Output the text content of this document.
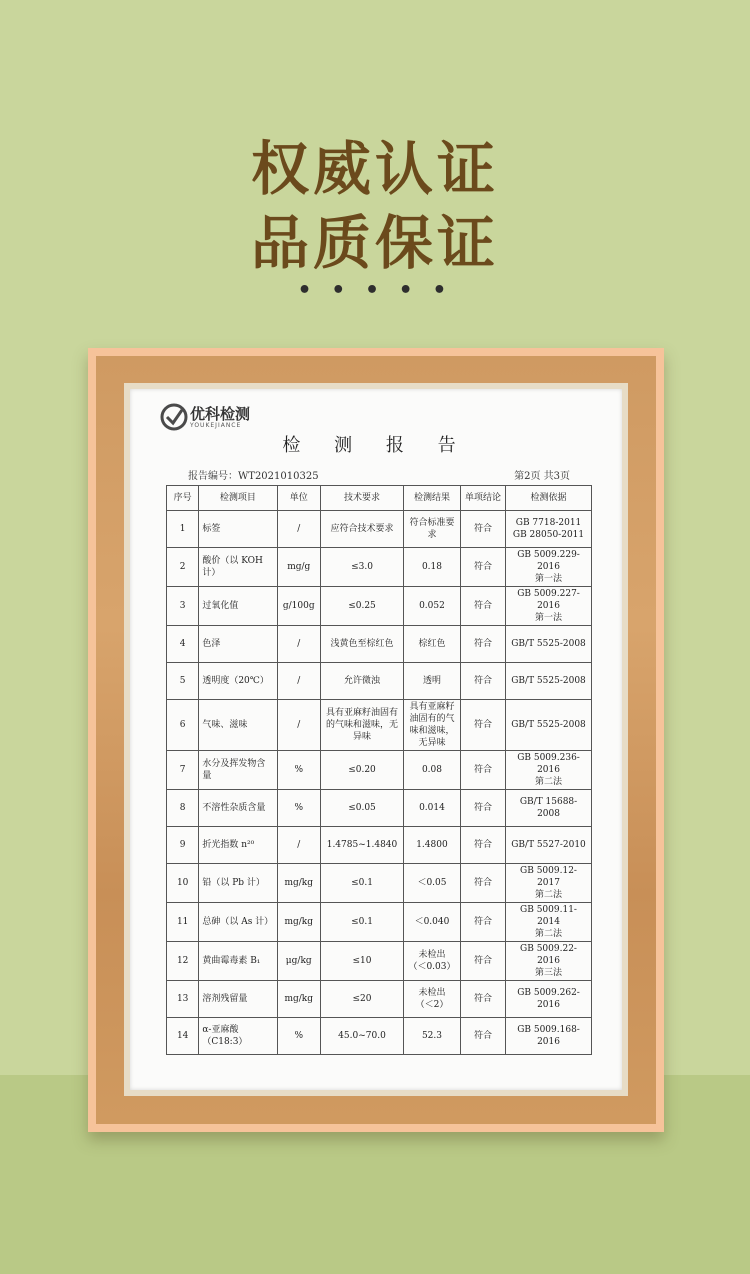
权威认证
品质保证
• • • • •
优科检测
YOUKEJIANCE
检 测 报 告
报告编号：WT2021010325	第2页 共3页
序号	检测项目	单位	技术要求	检测结果	单项结论	检测依据
1	标签	/	应符合技术要求	符合标准要求	符合	GB 7718-2011
GB 28050-2011
2	酸价（以 KOH 计）	mg/g	≤3.0	0.18	符合	GB 5009.229-2016
第一法
3	过氧化值	g/100g	≤0.25	0.052	符合	GB 5009.227-2016
第一法
4	色泽	/	浅黄色至棕红色	棕红色	符合	GB/T 5525-2008
5	透明度（20℃）	/	允许微浊	透明	符合	GB/T 5525-2008
6	气味、滋味	/	具有亚麻籽油固有的气味和滋味，无异味	具有亚麻籽油固有的气味和滋味，无异味	符合	GB/T 5525-2008
7	水分及挥发物含量	%	≤0.20	0.08	符合	GB 5009.236-2016
第二法
8	不溶性杂质含量	%	≤0.05	0.014	符合	GB/T 15688-2008
9	折光指数 n²⁰	/	1.4785~1.4840	1.4800	符合	GB/T 5527-2010
10	铅（以 Pb 计）	mg/kg	≤0.1	＜0.05	符合	GB 5009.12-2017
第二法
11	总砷（以 As 计）	mg/kg	≤0.1	＜0.040	符合	GB 5009.11-2014
第二法
12	黄曲霉毒素 B₁	μg/kg	≤10	未检出
（＜0.03）	符合	GB 5009.22-2016
第三法
13	溶剂残留量	mg/kg	≤20	未检出
（＜2）	符合	GB 5009.262-2016
14	α-亚麻酸（C18:3）	%	45.0~70.0	52.3	符合	GB 5009.168-2016
